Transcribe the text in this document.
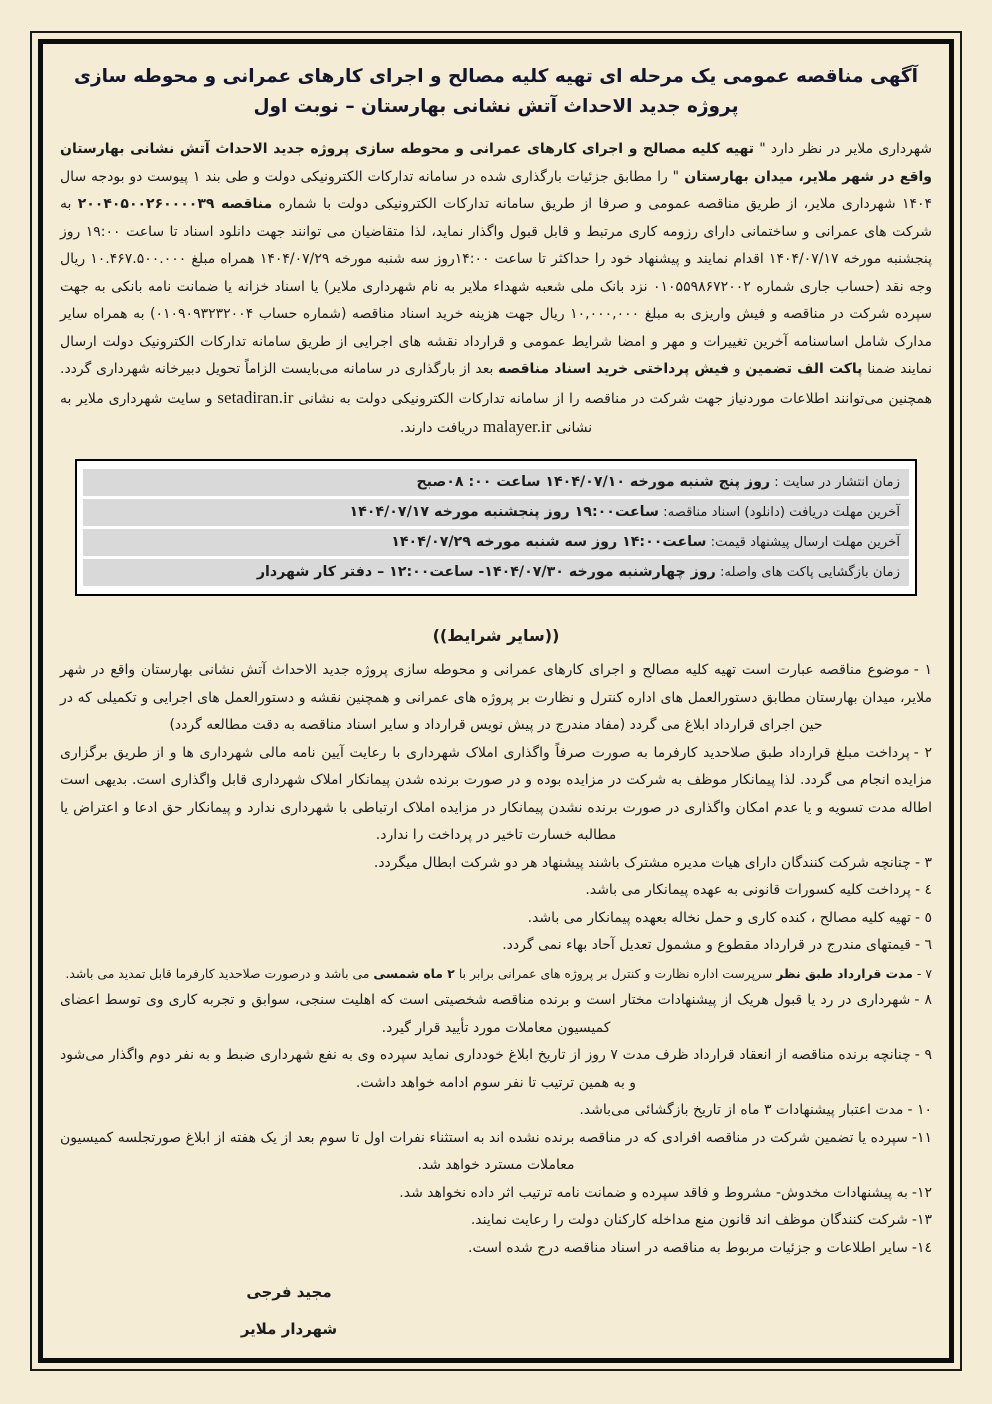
آگهی مناقصه عمومی یک مرحله ای تهیه کلیه مصالح و اجرای کارهای عمرانی و محوطه سازی پروژه جدید الاحداث آتش نشانی بهارستان – نوبت اول
شهرداری ملایر در نظر دارد " تهیه کلیه مصالح و اجرای کارهای عمرانی و محوطه سازی پروژه جدید الاحداث آتش نشانی بهارستان واقع در شهر ملایر، میدان بهارستان " را مطابق جزئیات بارگذاری شده در سامانه تدارکات الکترونیکی دولت و طی بند ۱ پیوست دو بودجه سال ۱۴۰۴ شهرداری ملایر، از طریق مناقصه عمومی و صرفا از طریق سامانه تدارکات الکترونیکی دولت با شماره مناقصه ۲۰۰۴۰۵۰۰۲۶۰۰۰۰۳۹ به شرکت های عمرانی و ساختمانی دارای رزومه کاری مرتبط و قابل قبول واگذار نماید، لذا متقاضیان می توانند جهت دانلود اسناد تا ساعت ۱۹:۰۰ روز پنجشنبه مورخه ۱۴۰۴/۰۷/۱۷ اقدام نمایند و پیشنهاد خود را حداکثر تا ساعت ۱۴:۰۰روز سه شنبه مورخه ۱۴۰۴/۰۷/۲۹ همراه مبلغ ۱۰.۴۶۷.۵۰۰.۰۰۰ ریال وجه نقد (حساب جاری شماره ۰۱۰۵۵۹۸۶۷۲۰۰۲ نزد بانک ملی شعبه شهداء ملایر به نام شهرداری ملایر) یا اسناد خزانه یا ضمانت نامه بانکی به جهت سپرده شرکت در مناقصه و فیش واریزی به مبلغ ۱۰,۰۰۰,۰۰۰ ریال جهت هزینه خرید اسناد مناقصه (شماره حساب ۰۱۰۹۰۹۳۲۳۲۰۰۴) به همراه سایر مدارک شامل اساسنامه آخرین تغییرات و مهر و امضا شرایط عمومی و قرارداد نقشه های اجرایی از طریق سامانه تدارکات الکترونیک دولت ارسال نمایند ضمنا پاکت الف تضمین و فیش پرداختی خرید اسناد مناقصه بعد از بارگذاری در سامانه می‌بایست الزاماً تحویل دبیرخانه شهرداری گردد. همچنین می‌توانند اطلاعات موردنیاز جهت شرکت در مناقصه را از سامانه تدارکات الکترونیکی دولت به نشانی setadiran.ir و سایت شهرداری ملایر به نشانی malayer.ir دریافت دارند.
زمان انتشار در سایت : روز پنج شنبه مورخه ۱۴۰۴/۰۷/۱۰ ساعت ۰۰: ۰۸صبح
آخرین مهلت دریافت (دانلود) اسناد مناقصه: ساعت۱۹:۰۰ روز پنجشنبه مورخه ۱۴۰۴/۰۷/۱۷
آخرین مهلت ارسال پیشنهاد قیمت: ساعت۱۴:۰۰ روز سه شنبه مورخه ۱۴۰۴/۰۷/۲۹
زمان بازگشایی پاکت های واصله: روز چهارشنبه مورخه ۱۴۰۴/۰۷/۳۰- ساعت۱۲:۰۰ – دفتر کار شهردار
((سایر شرایط))
۱ -موضوع مناقصه عبارت است تهیه کلیه مصالح و اجرای کارهای عمرانی و محوطه سازی پروژه جدید الاحداث آتش نشانی بهارستان واقع در شهر ملایر، میدان بهارستان مطابق دستورالعمل های اداره کنترل و نظارت بر پروژه های عمرانی و همچنین نقشه و دستورالعمل های اجرایی و تکمیلی که در حین اجرای قرارداد ابلاغ می گردد (مفاد مندرج در پیش نویس قرارداد و سایر اسناد مناقصه به دقت مطالعه گردد)
۲ -پرداخت مبلغ قرارداد طبق صلاحدید کارفرما به صورت صرفاً واگذاری املاک شهرداری با رعایت آیین نامه مالی شهرداری ها و از طریق برگزاری مزایده انجام می گردد. لذا پیمانکار موظف به شرکت در مزایده بوده و در صورت برنده شدن پیمانکار املاک شهرداری قابل واگذاری است. بدیهی است اطاله مدت تسویه و یا عدم امکان واگذاری در صورت برنده نشدن پیمانکار در مزایده املاک ارتباطی با شهرداری ندارد و پیمانکار حق ادعا و اعتراض یا مطالبه خسارت تاخیر در پرداخت را ندارد.
۳ -چنانچه شرکت کنندگان دارای هیات مدیره مشترک باشند پیشنهاد هر دو شرکت ابطال میگردد.
٤ -پرداخت کلیه کسورات قانونی به عهده پیمانکار می باشد.
٥ -تهیه کلیه مصالح ، کنده کاری و حمل نخاله بعهده پیمانکار می باشد.
٦ -قیمتهای مندرج در قرارداد مقطوع و مشمول تعدیل آحاد بهاء نمی گردد.
۷ -مدت قرارداد طبق نظر سرپرست اداره نظارت و کنترل بر پروژه های عمرانی برابر با ۲ ماه شمسی می باشد و درصورت صلاحدید کارفرما قابل تمدید می باشد.
۸ -شهرداری در رد یا قبول هریک از پیشنهادات مختار است و برنده مناقصه شخصیتی است که اهلیت سنجی، سوابق و تجربه کاری وی توسط اعضای کمیسیون معاملات مورد تأیید قرار گیرد.
۹ -چنانچه برنده مناقصه از انعقاد قرارداد ظرف مدت ۷ روز از تاریخ ابلاغ خودداری نماید سپرده وی به نفع شهرداری ضبط و به نفر دوم واگذار می‌شود و به همین ترتیب تا نفر سوم ادامه خواهد داشت.
۱۰ -مدت اعتبار پیشنهادات ۳ ماه از تاریخ بازگشائی می‌باشد.
۱۱-سپرده یا تضمین شرکت در مناقصه افرادی که در مناقصه برنده نشده اند به استثناء نفرات اول تا سوم بعد از یک هفته از ابلاغ صورتجلسه کمیسیون معاملات مسترد خواهد شد.
۱۲-به پیشنهادات مخدوش- مشروط و فاقد سپرده و ضمانت نامه ترتیب اثر داده نخواهد شد.
۱۳-شرکت کنندگان موظف اند قانون منع مداخله کارکنان دولت را رعایت نمایند.
۱٤-سایر اطلاعات و جزئیات مربوط به مناقصه در اسناد مناقصه درج شده است.
مجید فرجی
شهردار ملایر
